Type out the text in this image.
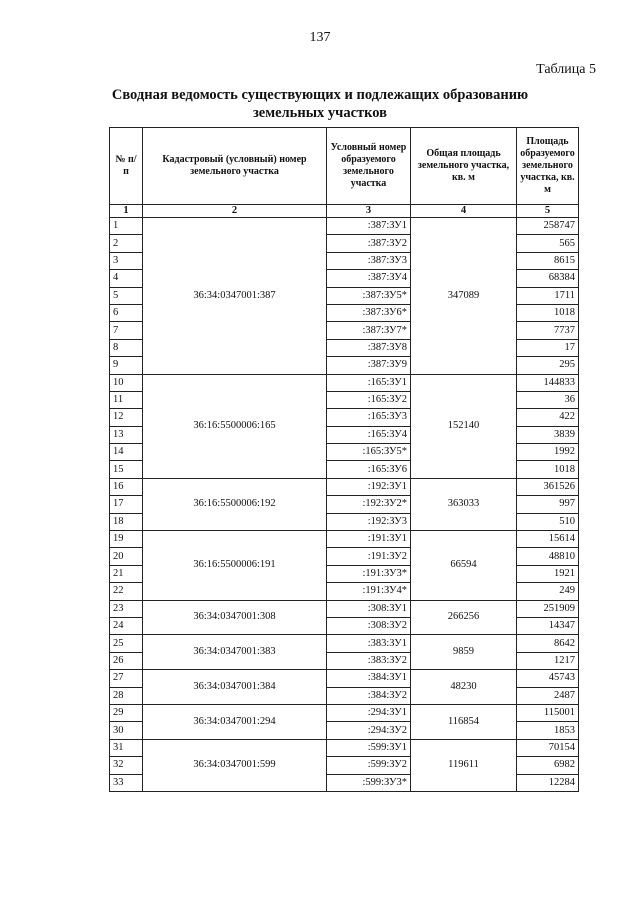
137
Таблица 5
Сводная ведомость существующих и подлежащих образованию земельных участков
№ п/п	Кадастровый (условный) номер земельного участка	Условный номер образуемого земельного участка	Общая площадь земельного участка, кв. м	Площадь образуемого земельного участка, кв. м
1	2	3	4	5
1	36:34:0347001:387	:387:ЗУ1	347089	258747
2		:387:ЗУ2		565
3		:387:ЗУ3		8615
4		:387:ЗУ4		68384
5		:387:ЗУ5*		1711
6		:387:ЗУ6*		1018
7		:387:ЗУ7*		7737
8		:387:ЗУ8		17
9		:387:ЗУ9		295
10	36:16:5500006:165	:165:ЗУ1	152140	144833
11		:165:ЗУ2		36
12		:165:ЗУ3		422
13		:165:ЗУ4		3839
14		:165:ЗУ5*		1992
15		:165:ЗУ6		1018
16	36:16:5500006:192	:192:ЗУ1	363033	361526
17		:192:ЗУ2*		997
18		:192:ЗУ3		510
19	36:16:5500006:191	:191:ЗУ1	66594	15614
20		:191:ЗУ2		48810
21		:191:ЗУ3*		1921
22		:191:ЗУ4*		249
23	36:34:0347001:308	:308:ЗУ1	266256	251909
24		:308:ЗУ2		14347
25	36:34:0347001:383	:383:ЗУ1	9859	8642
26		:383:ЗУ2		1217
27	36:34:0347001:384	:384:ЗУ1	48230	45743
28		:384:ЗУ2		2487
29	36:34:0347001:294	:294:ЗУ1	116854	115001
30		:294:ЗУ2		1853
31	36:34:0347001:599	:599:ЗУ1	119611	70154
32		:599:ЗУ2		6982
33		:599:ЗУ3*		12284
